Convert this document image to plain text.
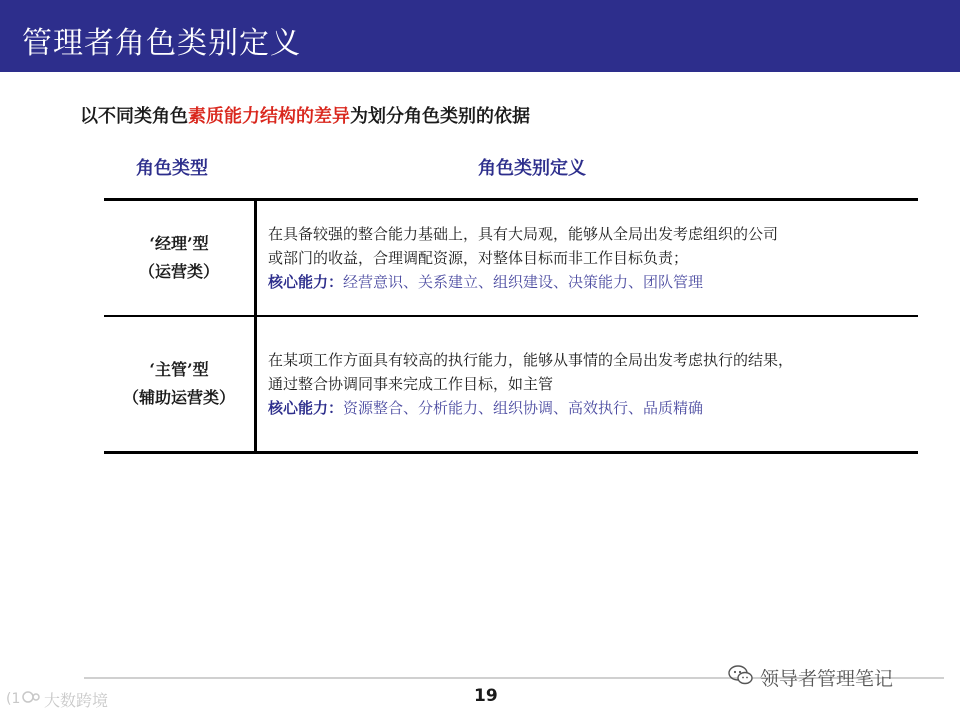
管理者角色类别定义
以不同类角色素质能力结构的差异为划分角色类别的依据
角色类型	角色类别定义
‘经理’型
（运营类）
在具备较强的整合能力基础上，具有大局观，能够从全局出发考虑组织的公司
或部门的收益，合理调配资源，对整体目标而非工作目标负责；
核心能力：经营意识、关系建立、组织建设、决策能力、团队管理
‘主管’型
（辅助运营类）
在某项工作方面具有较高的执行能力，能够从事情的全局出发考虑执行的结果，
通过整合协调同事来完成工作目标，如主管
核心能力：资源整合、分析能力、组织协调、高效执行、品质精确
19
(1 大数跨境
领导者管理笔记
